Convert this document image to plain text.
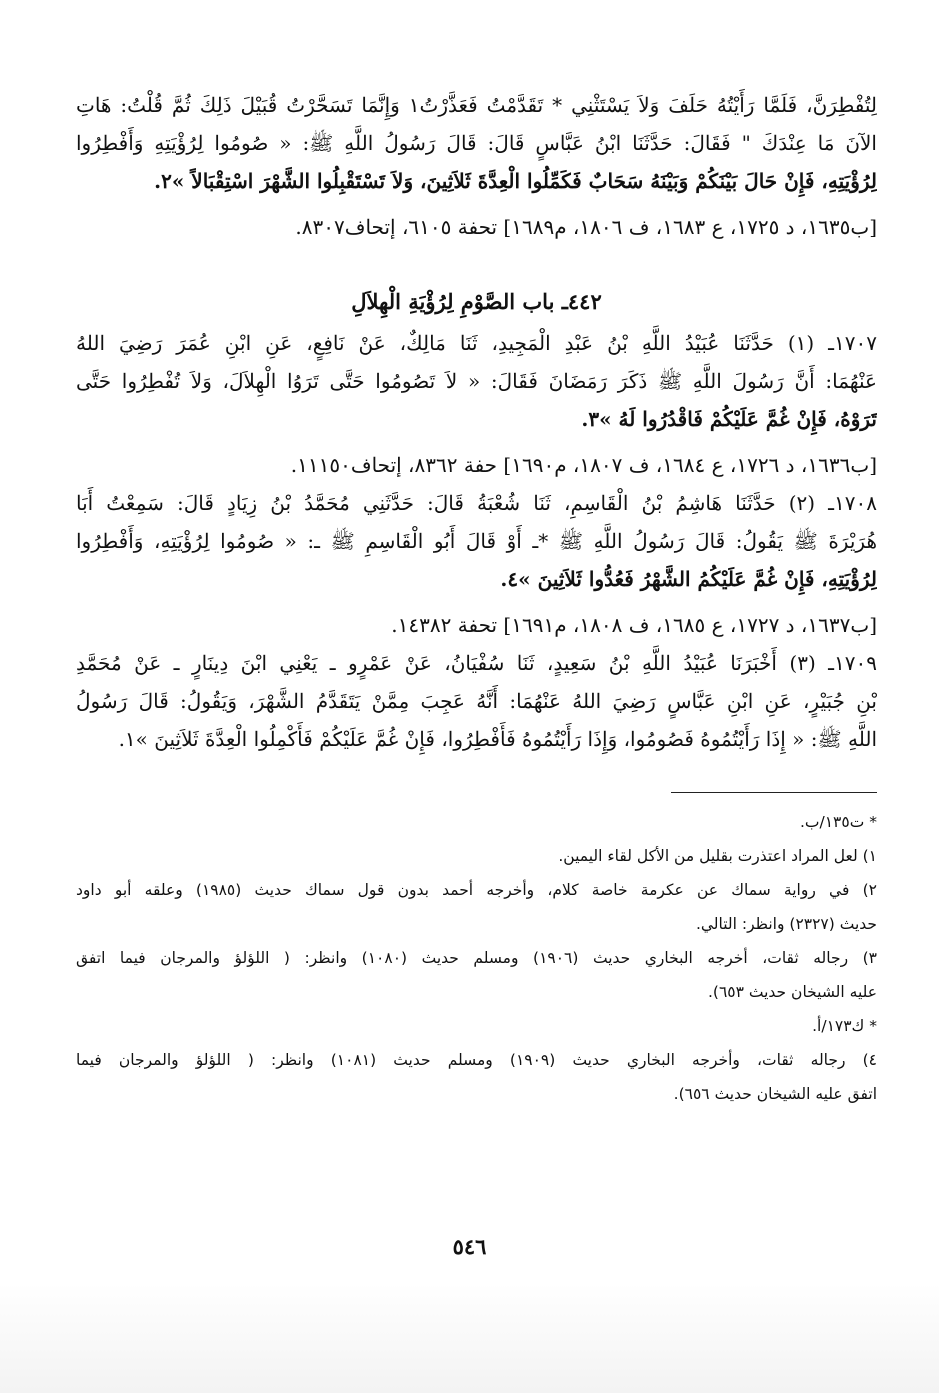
لِتُفْطِرَنَّ، فَلَمَّا رَأَيْتُهُ حَلَفَ وَلاَ يَسْتَثْنِي * تَقَدَّمْتُ فَعَذَّرْتُ١ وَإِنَّمَا تَسَحَّرْتُ قُبَيْلَ ذَلِكَ ثُمَّ قُلْتُ: هَاتِ
الآنَ مَا عِنْدَكَ " فَقَالَ: حَدَّثَنَا ابْنُ عَبَّاسٍ قَالَ: قَالَ رَسُولُ اللَّهِ ﷺ: « صُومُوا لِرُؤْيَتِهِ وَأَفْطِرُوا
لِرُؤْيَتِهِ، فَإِنْ حَالَ بَيْنَكُمْ وَبَيْنَهُ سَحَابٌ فَكَمِّلُوا الْعِدَّةَ ثَلاَثِينَ، وَلاَ تَسْتَقْبِلُوا الشَّهْرَ اسْتِقْبَالاً »٢.
[ب١٦٣٥، د ١٧٢٥، ع ١٦٨٣، ف ١٨٠٦، م١٦٨٩] تحفة ٦١٠٥، إتحاف٨٣٠٧.
٤٤٢ـ باب الصَّوْمِ لِرُؤْيَةِ الْهِلاَلِ
١٧٠٧ـ (١) حَدَّثَنَا عُبَيْدُ اللَّهِ بْنُ عَبْدِ الْمَجِيدِ، ثَنَا مَالِكٌ، عَنْ نَافِعٍ، عَنِ ابْنِ عُمَرَ رَضِيَ اللهُ
عَنْهُمَا: أَنَّ رَسُولَ اللَّهِ ﷺ ذَكَرَ رَمَضَانَ فَقَالَ: « لاَ تَصُومُوا حَتَّى تَرَوُا الْهِلاَلَ، وَلاَ تُفْطِرُوا حَتَّى
تَرَوْهُ، فَإِنْ غُمَّ عَلَيْكُمْ فَاقْدُرُوا لَهُ »٣.
[ب١٦٣٦، د ١٧٢٦، ع ١٦٨٤، ف ١٨٠٧، م١٦٩٠] حفة ٨٣٦٢، إتحاف١١١٥٠.
١٧٠٨ـ (٢) حَدَّثَنَا هَاشِمُ بْنُ الْقَاسِمِ، ثَنَا شُعْبَةُ قَالَ: حَدَّثَنِي مُحَمَّدُ بْنُ زِيَادٍ قَالَ: سَمِعْتُ أَبَا
هُرَيْرَةَ ﷺ يَقُولُ: قَالَ رَسُولُ اللَّهِ ﷺ *ـ أَوْ قَالَ أَبُو الْقَاسِمِ ﷺ ـ: « صُومُوا لِرُؤْيَتِهِ، وَأَفْطِرُوا
لِرُؤْيَتِهِ، فَإِنْ غُمَّ عَلَيْكُمُ الشَّهْرُ فَعُدُّوا ثَلاَثِينَ »٤.
[ب١٦٣٧، د ١٧٢٧، ع ١٦٨٥، ف ١٨٠٨، م١٦٩١] تحفة ١٤٣٨٢.
١٧٠٩ـ (٣) أَخْبَرَنَا عُبَيْدُ اللَّهِ بْنُ سَعِيدٍ، ثَنَا سُفْيَانُ، عَنْ عَمْرٍو ـ يَعْنِي ابْنَ دِينَارٍ ـ عَنْ مُحَمَّدِ
بْنِ جُبَيْرٍ، عَنِ ابْنِ عَبَّاسٍ رَضِيَ اللهُ عَنْهُمَا: أَنَّهُ عَجِبَ مِمَّنْ يَتَقَدَّمُ الشَّهْرَ، وَيَقُولُ: قَالَ رَسُولُ
اللَّهِ ﷺ: « إِذَا رَأَيْتُمُوهُ فَصُومُوا، وَإِذَا رَأَيْتُمُوهُ فَأَفْطِرُوا، فَإِنْ غُمَّ عَلَيْكُمْ فَأَكْمِلُوا الْعِدَّةَ ثَلاَثِينَ »١.
* ت١٣٥/ب.
١) لعل المراد اعتذرت بقليل من الأكل لقاء اليمين.
٢) في رواية سماك عن عكرمة خاصة كلام، وأخرجه أحمد بدون قول سماك حديث (١٩٨٥) وعلقه أبو داود
حديث (٢٣٢٧) وانظر: التالي.
٣) رجاله ثقات، أخرجه البخاري حديث (١٩٠٦) ومسلم حديث (١٠٨٠) وانظر: ( اللؤلؤ والمرجان فيما اتفق
عليه الشيخان حديث ٦٥٣).
* ك١٧٣/أ.
٤) رجاله ثقات، وأخرجه البخاري حديث (١٩٠٩) ومسلم حديث (١٠٨١) وانظر: ( اللؤلؤ والمرجان فيما
اتفق عليه الشيخان حديث ٦٥٦).
٥٤٦
